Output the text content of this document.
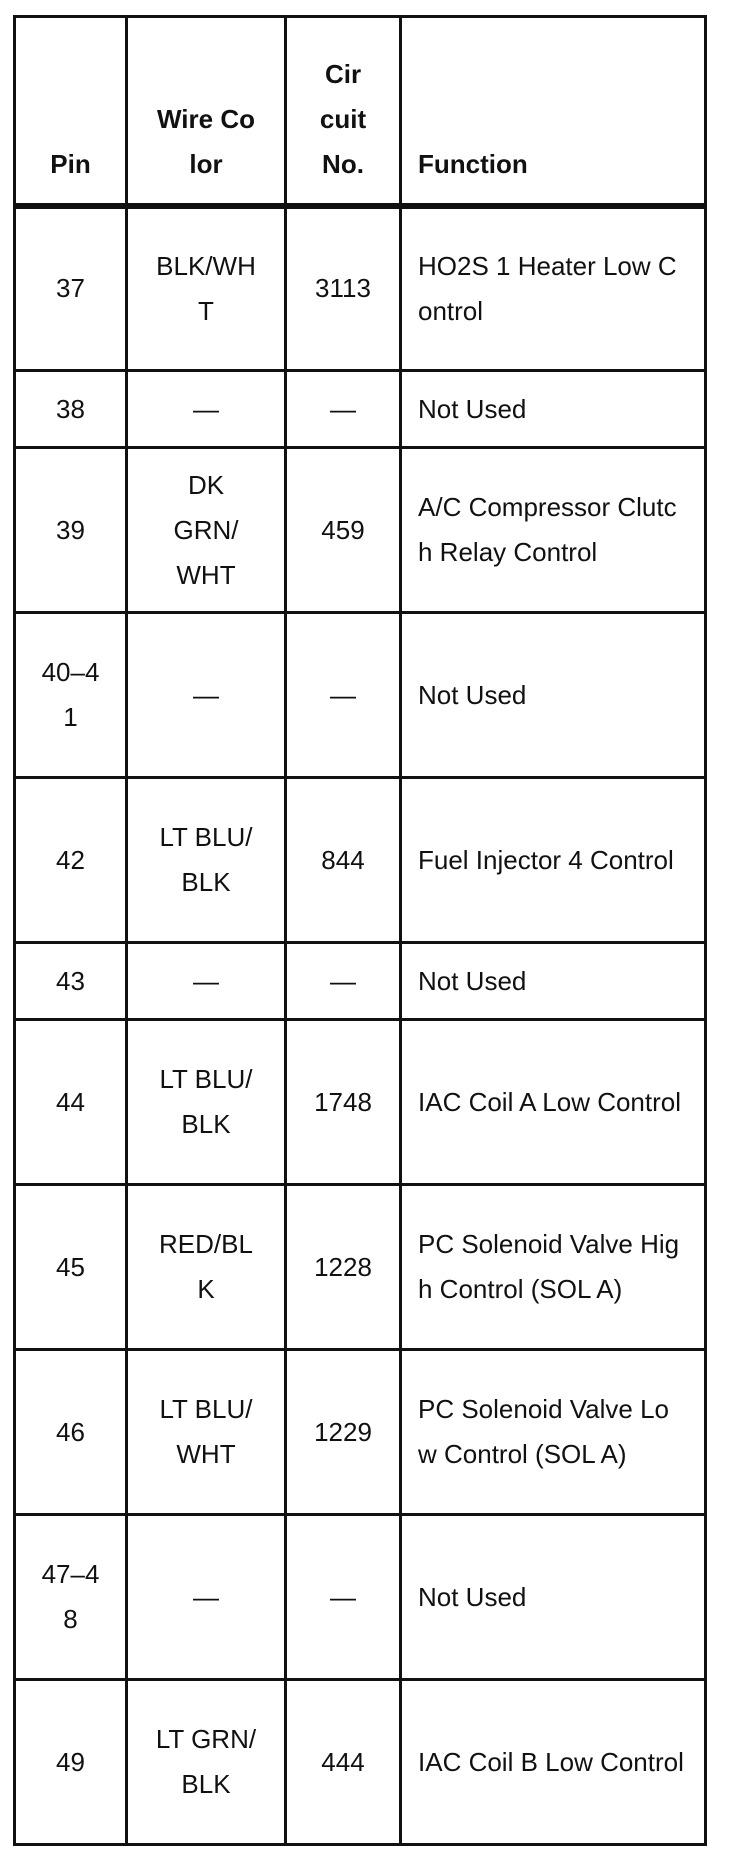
Pin	Wire Color	Cir cuit No.	Function
37	BLK/WHT	3113	HO2S 1 Heater Low Control
38	—	—	Not Used
39	DK GRN/ WHT	459	A/C Compressor Clutch Relay Control
40–41	—	—	Not Used
42	LT BLU/BLK	844	Fuel Injector 4 Control
43	—	—	Not Used
44	LT BLU/BLK	1748	IAC Coil A Low Control
45	RED/BLK	1228	PC Solenoid Valve High Control (SOL A)
46	LT BLU/WHT	1229	PC Solenoid Valve Low Control (SOL A)
47–48	—	—	Not Used
49	LT GRN/BLK	444	IAC Coil B Low Control
